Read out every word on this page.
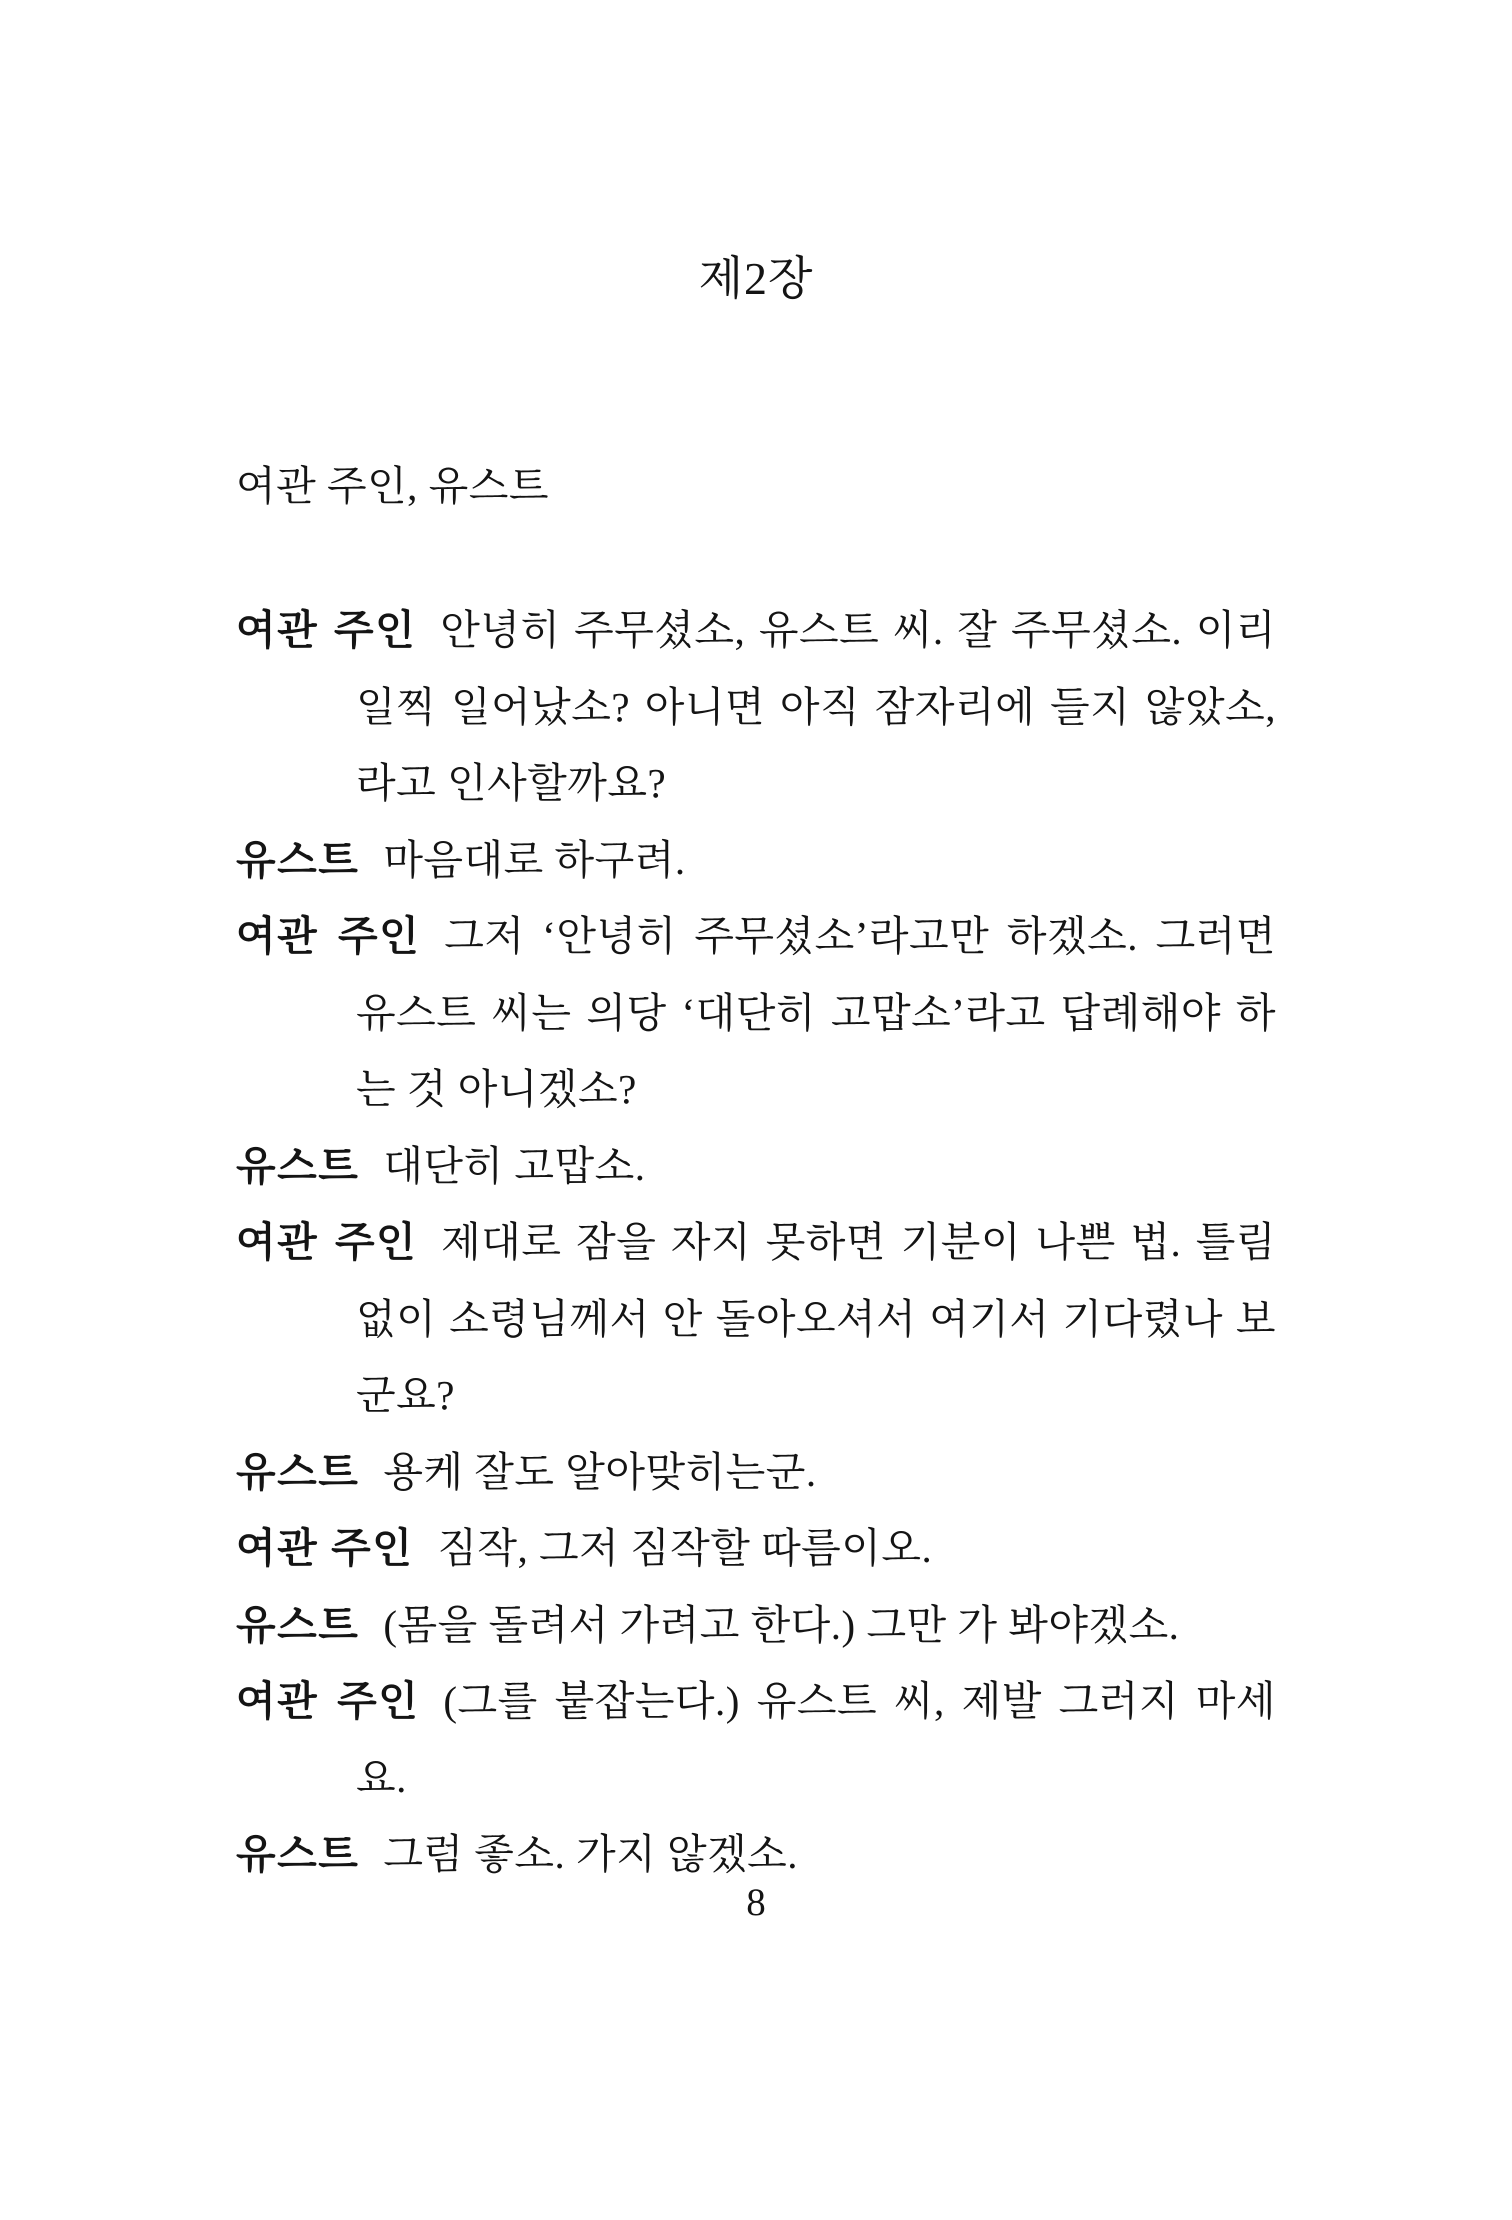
제2장
여관 주인, 유스트

여관 주인 안녕히 주무셨소, 유스트 씨. 잘 주무셨소. 이리 일찍 일어났소? 아니면 아직 잠자리에 들지 않았소, 라고 인사할까요?

유스트 마음대로 하구려.

여관 주인 그저 ‘안녕히 주무셨소’라고만 하겠소. 그러면 유스트 씨는 의당 ‘대단히 고맙소’라고 답례해야 하는 것 아니겠소?

유스트 대단히 고맙소.

여관 주인 제대로 잠을 자지 못하면 기분이 나쁜 법. 틀림없이 소령님께서 안 돌아오셔서 여기서 기다렸나 보군요?

유스트 용케 잘도 알아맞히는군.

여관 주인 짐작, 그저 짐작할 따름이오.

유스트 (몸을 돌려서 가려고 한다.) 그만 가 봐야겠소.

여관 주인 (그를 붙잡는다.) 유스트 씨, 제발 그러지 마세요.

유스트 그럼 좋소. 가지 않겠소.

8
